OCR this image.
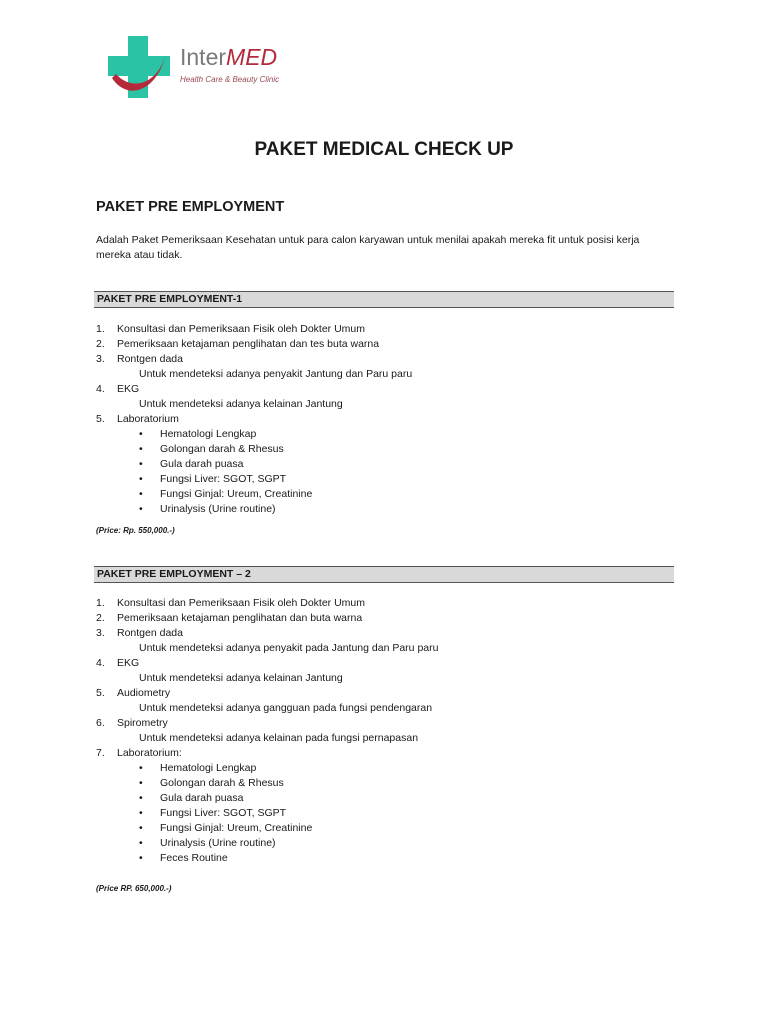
InterMED
Health Care & Beauty Clinic
PAKET MEDICAL CHECK UP
PAKET PRE EMPLOYMENT
Adalah Paket Pemeriksaan Kesehatan untuk para calon karyawan untuk menilai apakah mereka fit untuk posisi kerja mereka atau tidak.
PAKET PRE EMPLOYMENT-1
1. Konsultasi dan Pemeriksaan Fisik oleh Dokter Umum
2. Pemeriksaan ketajaman penglihatan dan tes buta warna
3. Rontgen dada
Untuk mendeteksi adanya penyakit Jantung dan Paru paru
4. EKG
Untuk mendeteksi adanya kelainan Jantung
5. Laboratorium
• Hematologi Lengkap
• Golongan darah & Rhesus
• Gula darah puasa
• Fungsi Liver: SGOT, SGPT
• Fungsi Ginjal: Ureum, Creatinine
• Urinalysis (Urine routine)
(Price: Rp. 550,000.-)
PAKET PRE EMPLOYMENT – 2
1. Konsultasi dan Pemeriksaan Fisik oleh Dokter Umum
2. Pemeriksaan ketajaman penglihatan dan buta warna
3. Rontgen dada
Untuk mendeteksi adanya penyakit pada Jantung dan Paru paru
4. EKG
Untuk mendeteksi adanya kelainan Jantung
5. Audiometry
Untuk mendeteksi adanya gangguan pada fungsi pendengaran
6. Spirometry
Untuk mendeteksi adanya kelainan pada fungsi pernapasan
7. Laboratorium:
• Hematologi Lengkap
• Golongan darah & Rhesus
• Gula darah puasa
• Fungsi Liver: SGOT, SGPT
• Fungsi Ginjal: Ureum, Creatinine
• Urinalysis (Urine routine)
• Feces Routine
(Price RP. 650,000.-)
